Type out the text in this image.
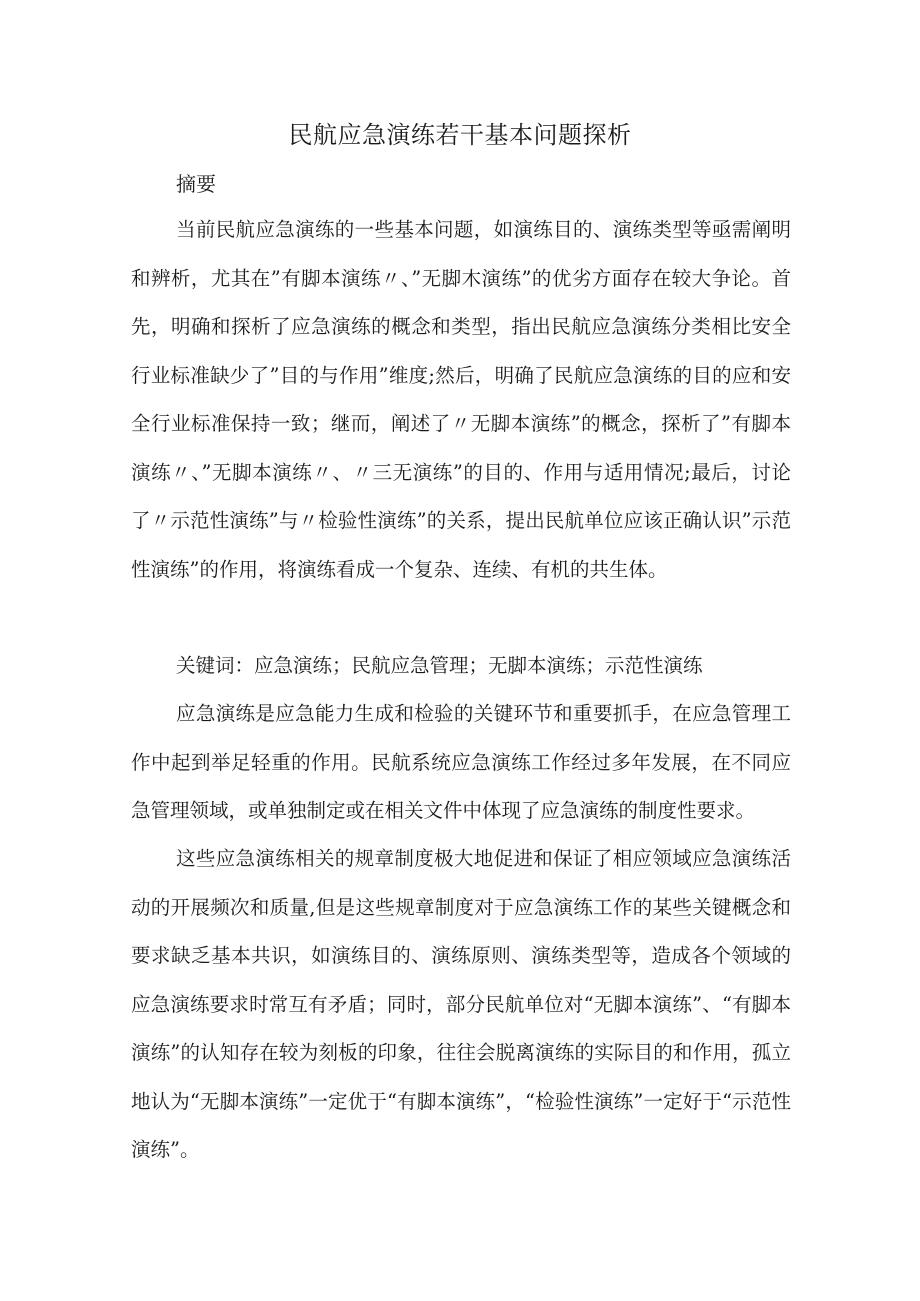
民航应急演练若干基本问题探析
摘要

当前民航应急演练的一些基本问题，如演练目的、演练类型等亟需阐明和辨析，尤其在”有脚本演练〃、”无脚木演练”的优劣方面存在较大争论。首先，明确和探析了应急演练的概念和类型，指出民航应急演练分类相比安全行业标准缺少了”目的与作用”维度;然后，明确了民航应急演练的目的应和安全行业标准保持一致；继而，阐述了〃无脚本演练”的概念，探析了”有脚本演练〃、”无脚本演练〃、〃三无演练”的目的、作用与适用情况;最后，讨论了〃示范性演练”与〃检验性演练”的关系，提出民航单位应该正确认识”示范性演练”的作用，将演练看成一个复杂、连续、有机的共生体。

关键词：应急演练；民航应急管理；无脚本演练；示范性演练

应急演练是应急能力生成和检验的关键环节和重要抓手，在应急管理工作中起到举足轻重的作用。民航系统应急演练工作经过多年发展，在不同应急管理领域，或单独制定或在相关文件中体现了应急演练的制度性要求。

这些应急演练相关的规章制度极大地促进和保证了相应领域应急演练活动的开展频次和质量,但是这些规章制度对于应急演练工作的某些关键概念和要求缺乏基本共识，如演练目的、演练原则、演练类型等，造成各个领域的应急演练要求时常互有矛盾；同时，部分民航单位对“无脚本演练”、“有脚本演练”的认知存在较为刻板的印象，往往会脱离演练的实际目的和作用，孤立地认为“无脚本演练”一定优于“有脚本演练”，“检验性演练”一定好于“示范性演练”。
